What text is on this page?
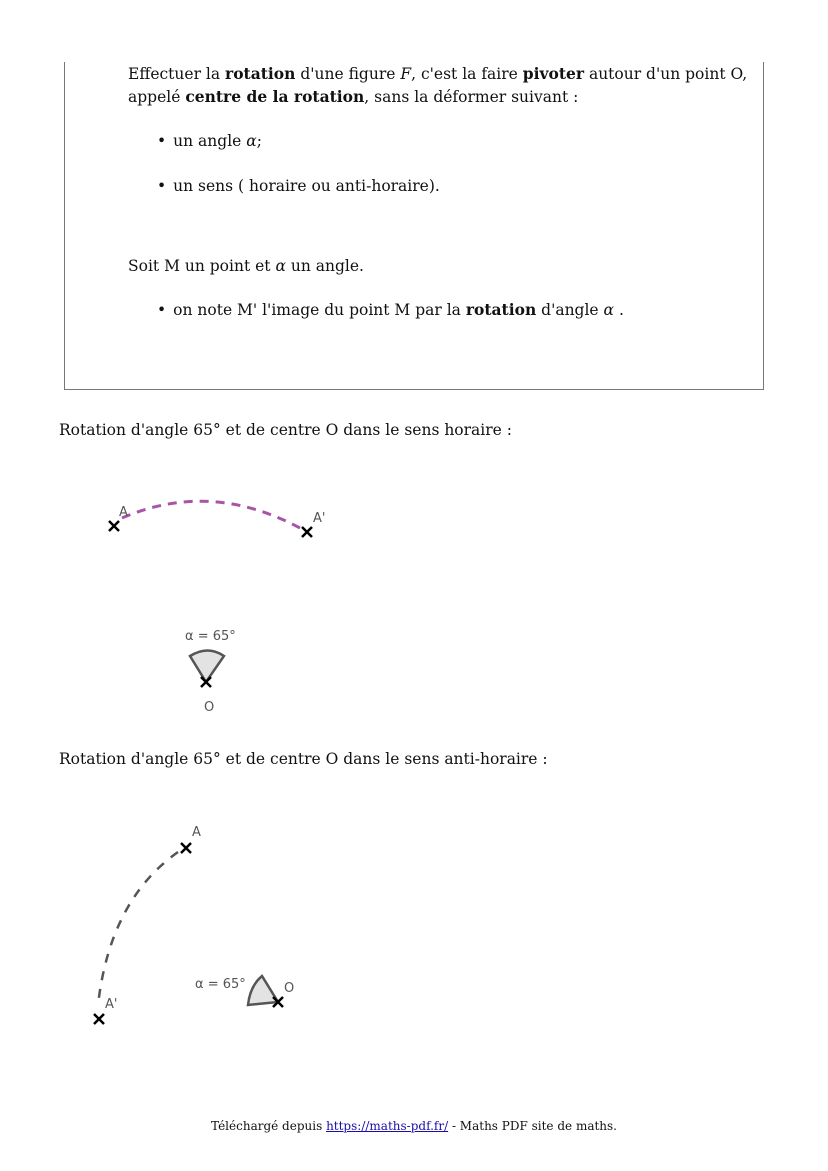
Effectuer la rotation d'une figure F, c'est la faire pivoter autour d'un point O,
appelé centre de la rotation, sans la déformer suivant :
• un angle α;
• un sens ( horaire ou anti-horaire).
Soit M un point et α un angle.
• on note M' l'image du point M par la rotation d'angle α .
Rotation d'angle 65° et de centre O dans le sens horaire :
Rotation d'angle 65° et de centre O dans le sens anti-horaire :
A	A'
α = 65°
O
A
A'
α = 65°	O
Téléchargé depuis https://maths-pdf.fr/ - Maths PDF site de maths.
